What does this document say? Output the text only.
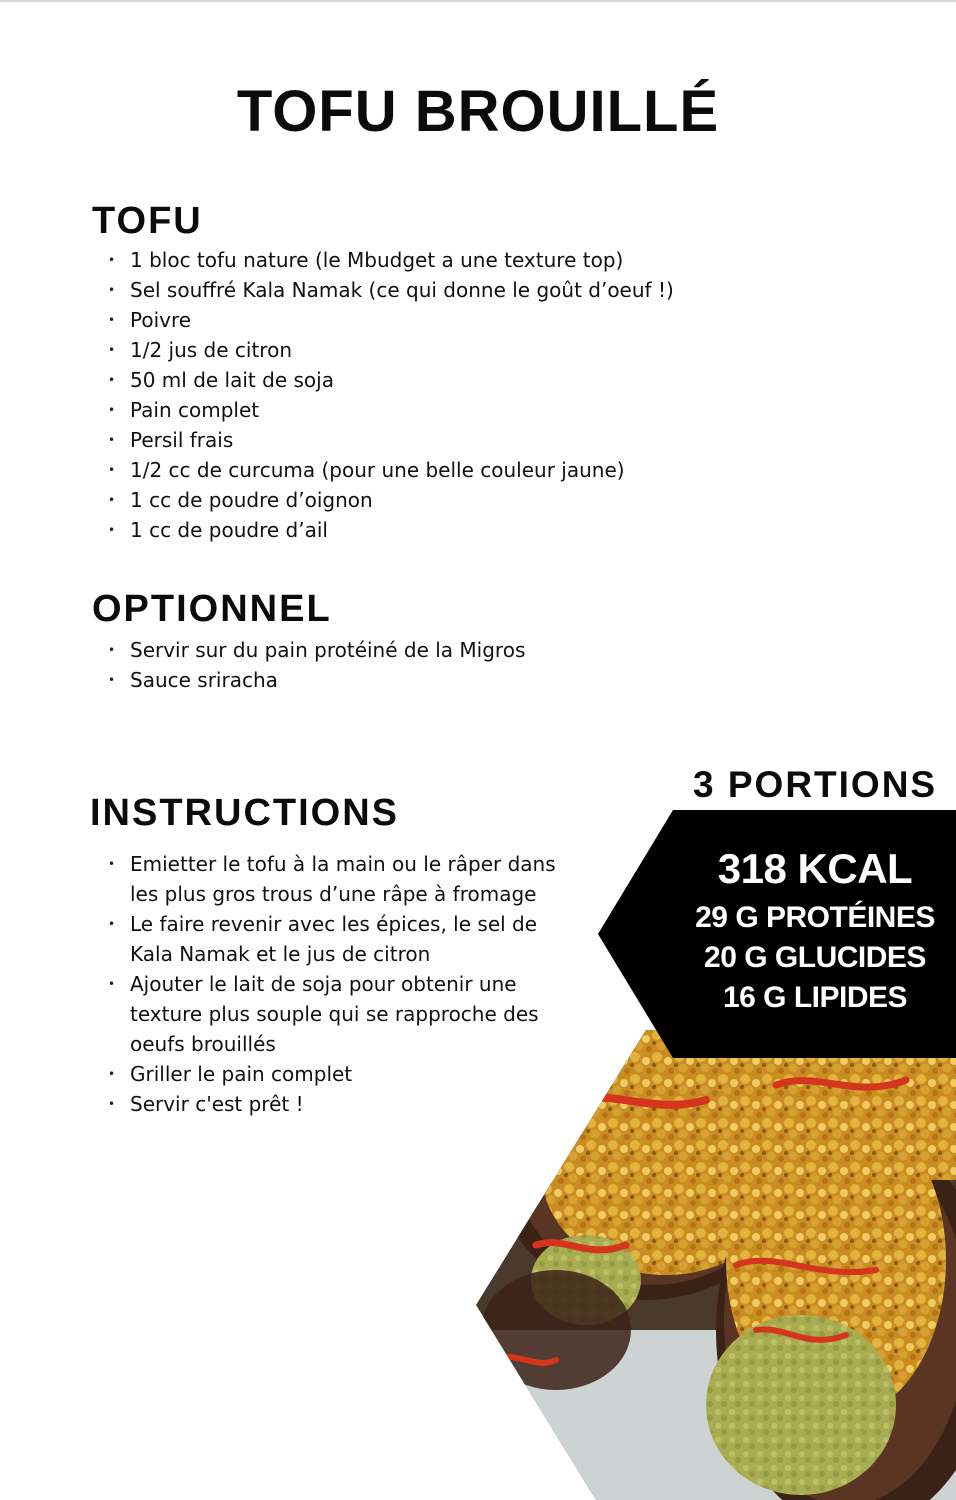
TOFU BROUILLÉ
TOFU
• 1 bloc tofu nature (le Mbudget a une texture top)
• Sel souffré Kala Namak (ce qui donne le goût d’oeuf !)
• Poivre
• 1/2 jus de citron
• 50 ml de lait de soja
• Pain complet
• Persil frais
• 1/2 cc de curcuma (pour une belle couleur jaune)
• 1 cc de poudre d’oignon
• 1 cc de poudre d’ail
OPTIONNEL
• Servir sur du pain protéiné de la Migros
• Sauce sriracha
INSTRUCTIONS
• Emietter le tofu à la main ou le râper dans les plus gros trous d’une râpe à fromage
• Le faire revenir avec les épices, le sel de Kala Namak et le jus de citron
• Ajouter le lait de soja pour obtenir une texture plus souple qui se rapproche des oeufs brouillés
• Griller le pain complet
• Servir c'est prêt !
3 PORTIONS
318 KCAL
29 G PROTÉINES
20 G GLUCIDES
16 G LIPIDES
